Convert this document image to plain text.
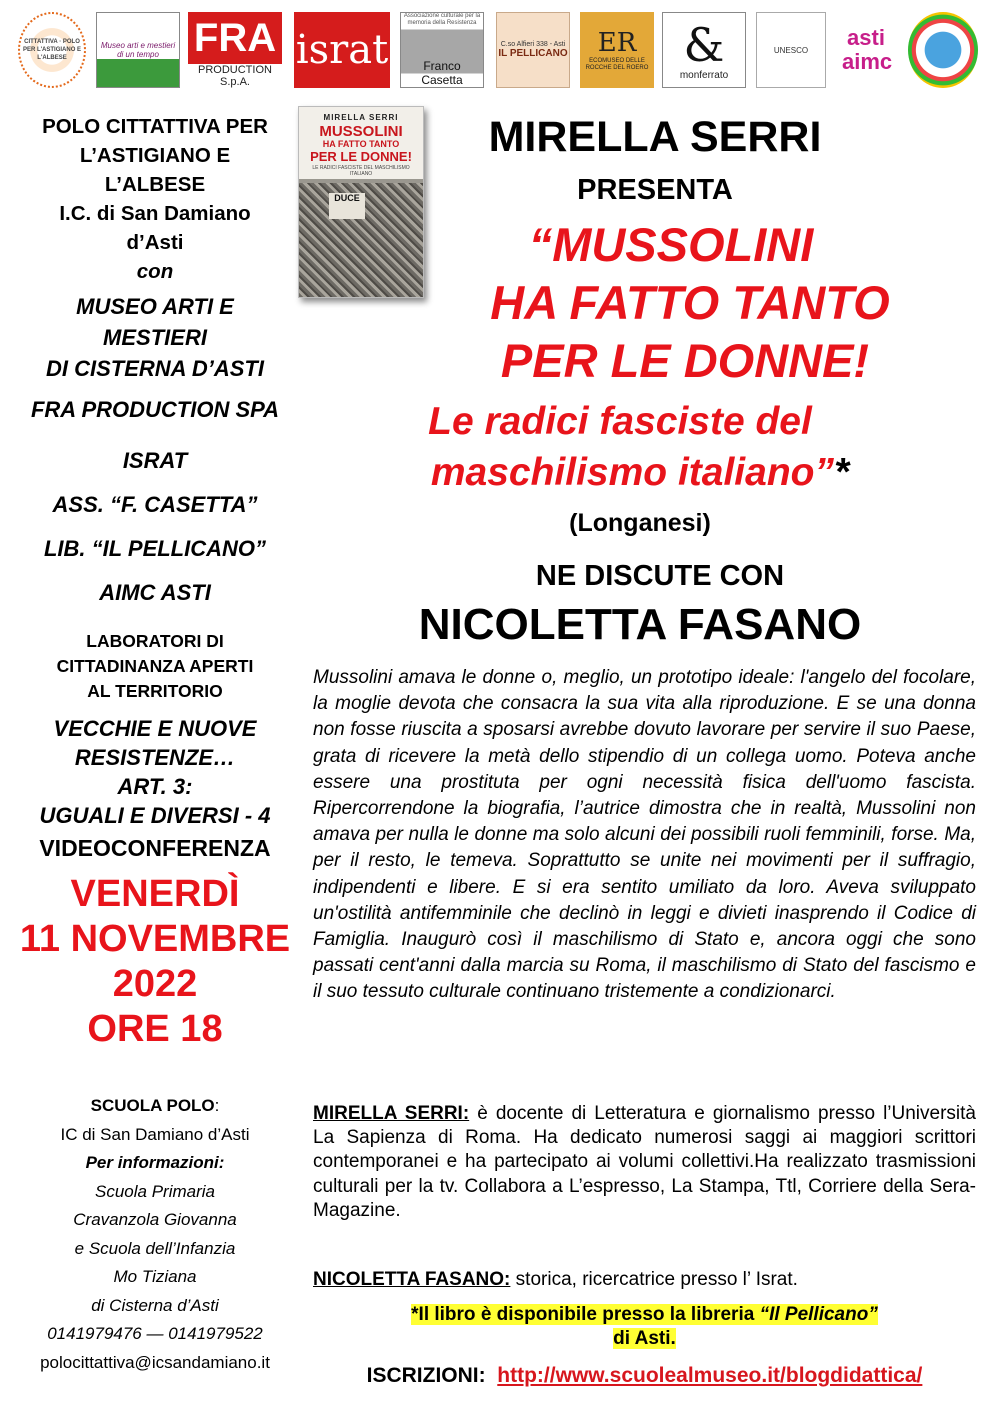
CITTATTIVA · POLO PER L'ASTIGIANO E L'ALBESE
Museo arti e mestieri di un tempo FRA
PRODUCTION S.p.A.
israt
Associazione culturale per la memoria della Resistenza
Franco Casetta
C.so Alfieri 338 - Asti
IL PELLICANO ER
ECOMUSEO DELLE ROCCHE DEL ROERO &
monferrato
UNESCO asti aimc
POLO CITTATTIVA PER
L’ASTIGIANO E
L’ALBESE
I.C. di San Damiano
d’Asti
con
MUSEO ARTI E
MESTIERI
DI CISTERNA D’ASTI
FRA PRODUCTION SPA
ISRAT
ASS. “F. CASETTA”
LIB. “IL PELLICANO”
AIMC ASTI
LABORATORI DI
CITTADINANZA APERTI
AL TERRITORIO
VECCHIE E NUOVE
RESISTENZE…
ART. 3:
UGUALI E DIVERSI - 4
VIDEOCONFERENZA
VENERDÌ
11 NOVEMBRE
2022
ORE 18
SCUOLA POLO:
IC di San Damiano d’Asti
Per informazioni:
Scuola Primaria
Cravanzola Giovanna
e Scuola dell’Infanzia
Mo Tiziana
di Cisterna d’Asti
0141979476 — 0141979522
polocittattiva@icsandamiano.it
MIRELLA SERRI
MUSSOLINI
HA FATTO TANTO
PER LE DONNE!
LE RADICI FASCISTE DEL MASCHILISMO ITALIANO
DUCE
MIRELLA SERRI
PRESENTA
“MUSSOLINI
HA FATTO TANTO
PER LE DONNE!
Le radici fasciste del
maschilismo italiano”*
(Longanesi)
NE DISCUTE CON
NICOLETTA FASANO
Mussolini amava le donne o, meglio, un prototipo ideale: l'angelo del focolare, la moglie devota che consacra la sua vita alla riproduzione. E se una donna non fosse riuscita a sposarsi avrebbe dovuto lavorare per servire il suo Paese, grata di ricevere la metà dello stipendio di un collega uomo. Poteva anche essere una prostituta per ogni necessità fisica dell'uomo fascista. Ripercorrendone la biografia, l’autrice dimostra che in realtà, Mussolini non amava per nulla le donne ma solo alcuni dei possibili ruoli femminili, forse. Ma, per il resto, le temeva. Soprattutto se unite nei movimenti per il suffragio, indipendenti e libere. E si era sentito umiliato da loro. Aveva sviluppato un'ostilità antifemminile che declinò in leggi e divieti inasprendo il Codice di Famiglia. Inaugurò così il maschilismo di Stato e, ancora oggi che sono passati cent'anni dalla marcia su Roma, il maschilismo di Stato del fascismo e il suo tessuto culturale continuano tristemente a condizionarci.
MIRELLA SERRI: è docente di Letteratura e giornalismo presso l’Università La Sapienza di Roma. Ha dedicato numerosi saggi ai maggiori scrittori contemporanei e ha partecipato ai volumi collettivi.Ha realizzato trasmissioni culturali per la tv. Collabora a L’espresso, La Stampa, Ttl, Corriere della Sera-Magazine.
NICOLETTA FASANO: storica, ricercatrice presso l’ Israt.
*Il libro è disponibile presso la libreria “Il Pellicano”
di Asti.
ISCRIZIONI: http://www.scuolealmuseo.it/blogdidattica/
